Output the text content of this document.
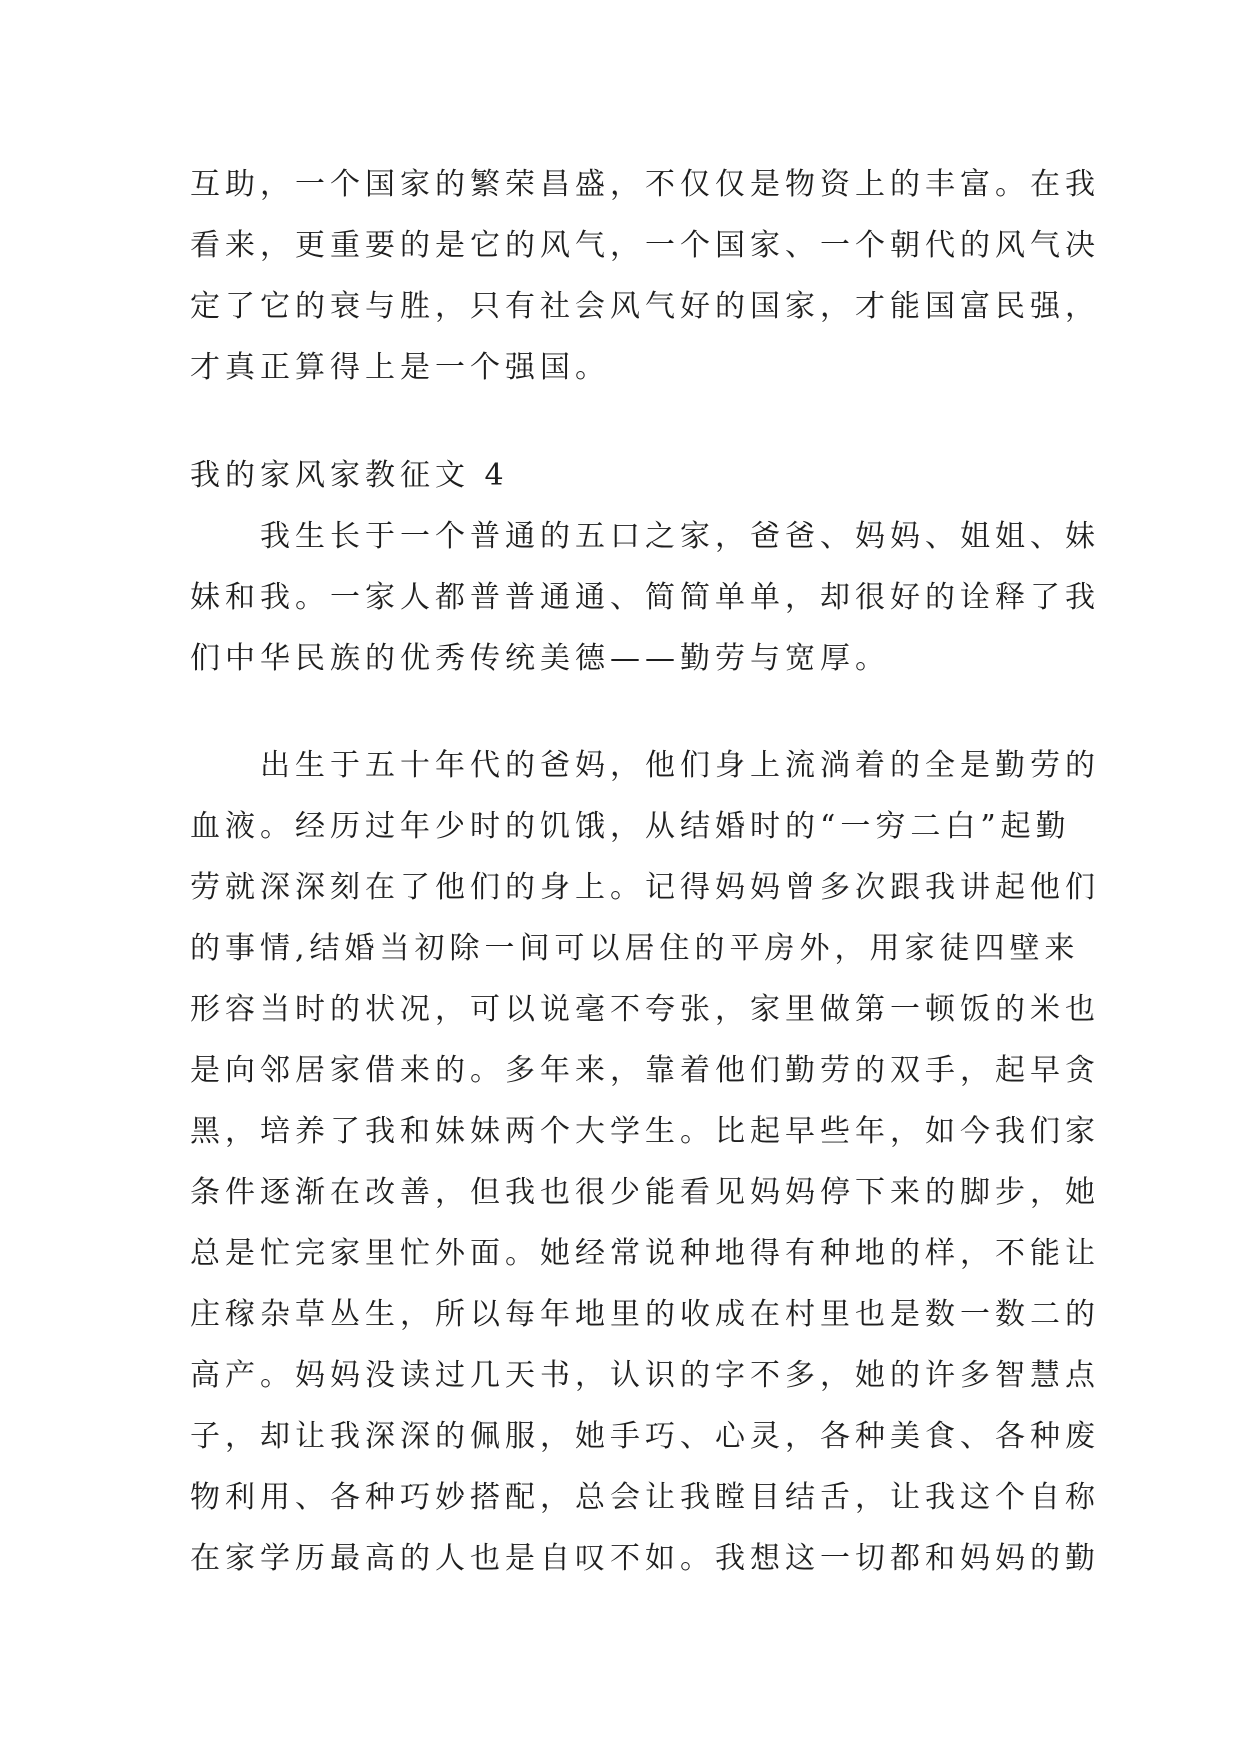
互助，一个国家的繁荣昌盛，不仅仅是物资上的丰富。在我
看来，更重要的是它的风气，一个国家、一个朝代的风气决
定了它的衰与胜，只有社会风气好的国家，才能国富民强，
才真正算得上是一个强国。
我的家风家教征文 4
我生长于一个普通的五口之家，爸爸、妈妈、姐姐、妹
妹和我。一家人都普普通通、简简单单，却很好的诠释了我
们中华民族的优秀传统美德——勤劳与宽厚。
出生于五十年代的爸妈，他们身上流淌着的全是勤劳的
血液。经历过年少时的饥饿，从结婚时的“一穷二白”起勤
劳就深深刻在了他们的身上。记得妈妈曾多次跟我讲起他们
的事情,结婚当初除一间可以居住的平房外，用家徒四壁来
形容当时的状况，可以说毫不夸张，家里做第一顿饭的米也
是向邻居家借来的。多年来，靠着他们勤劳的双手，起早贪
黑，培养了我和妹妹两个大学生。比起早些年，如今我们家
条件逐渐在改善，但我也很少能看见妈妈停下来的脚步，她
总是忙完家里忙外面。她经常说种地得有种地的样，不能让
庄稼杂草丛生，所以每年地里的收成在村里也是数一数二的
高产。妈妈没读过几天书，认识的字不多，她的许多智慧点
子，却让我深深的佩服，她手巧、心灵，各种美食、各种废
物利用、各种巧妙搭配，总会让我瞠目结舌，让我这个自称
在家学历最高的人也是自叹不如。我想这一切都和妈妈的勤
